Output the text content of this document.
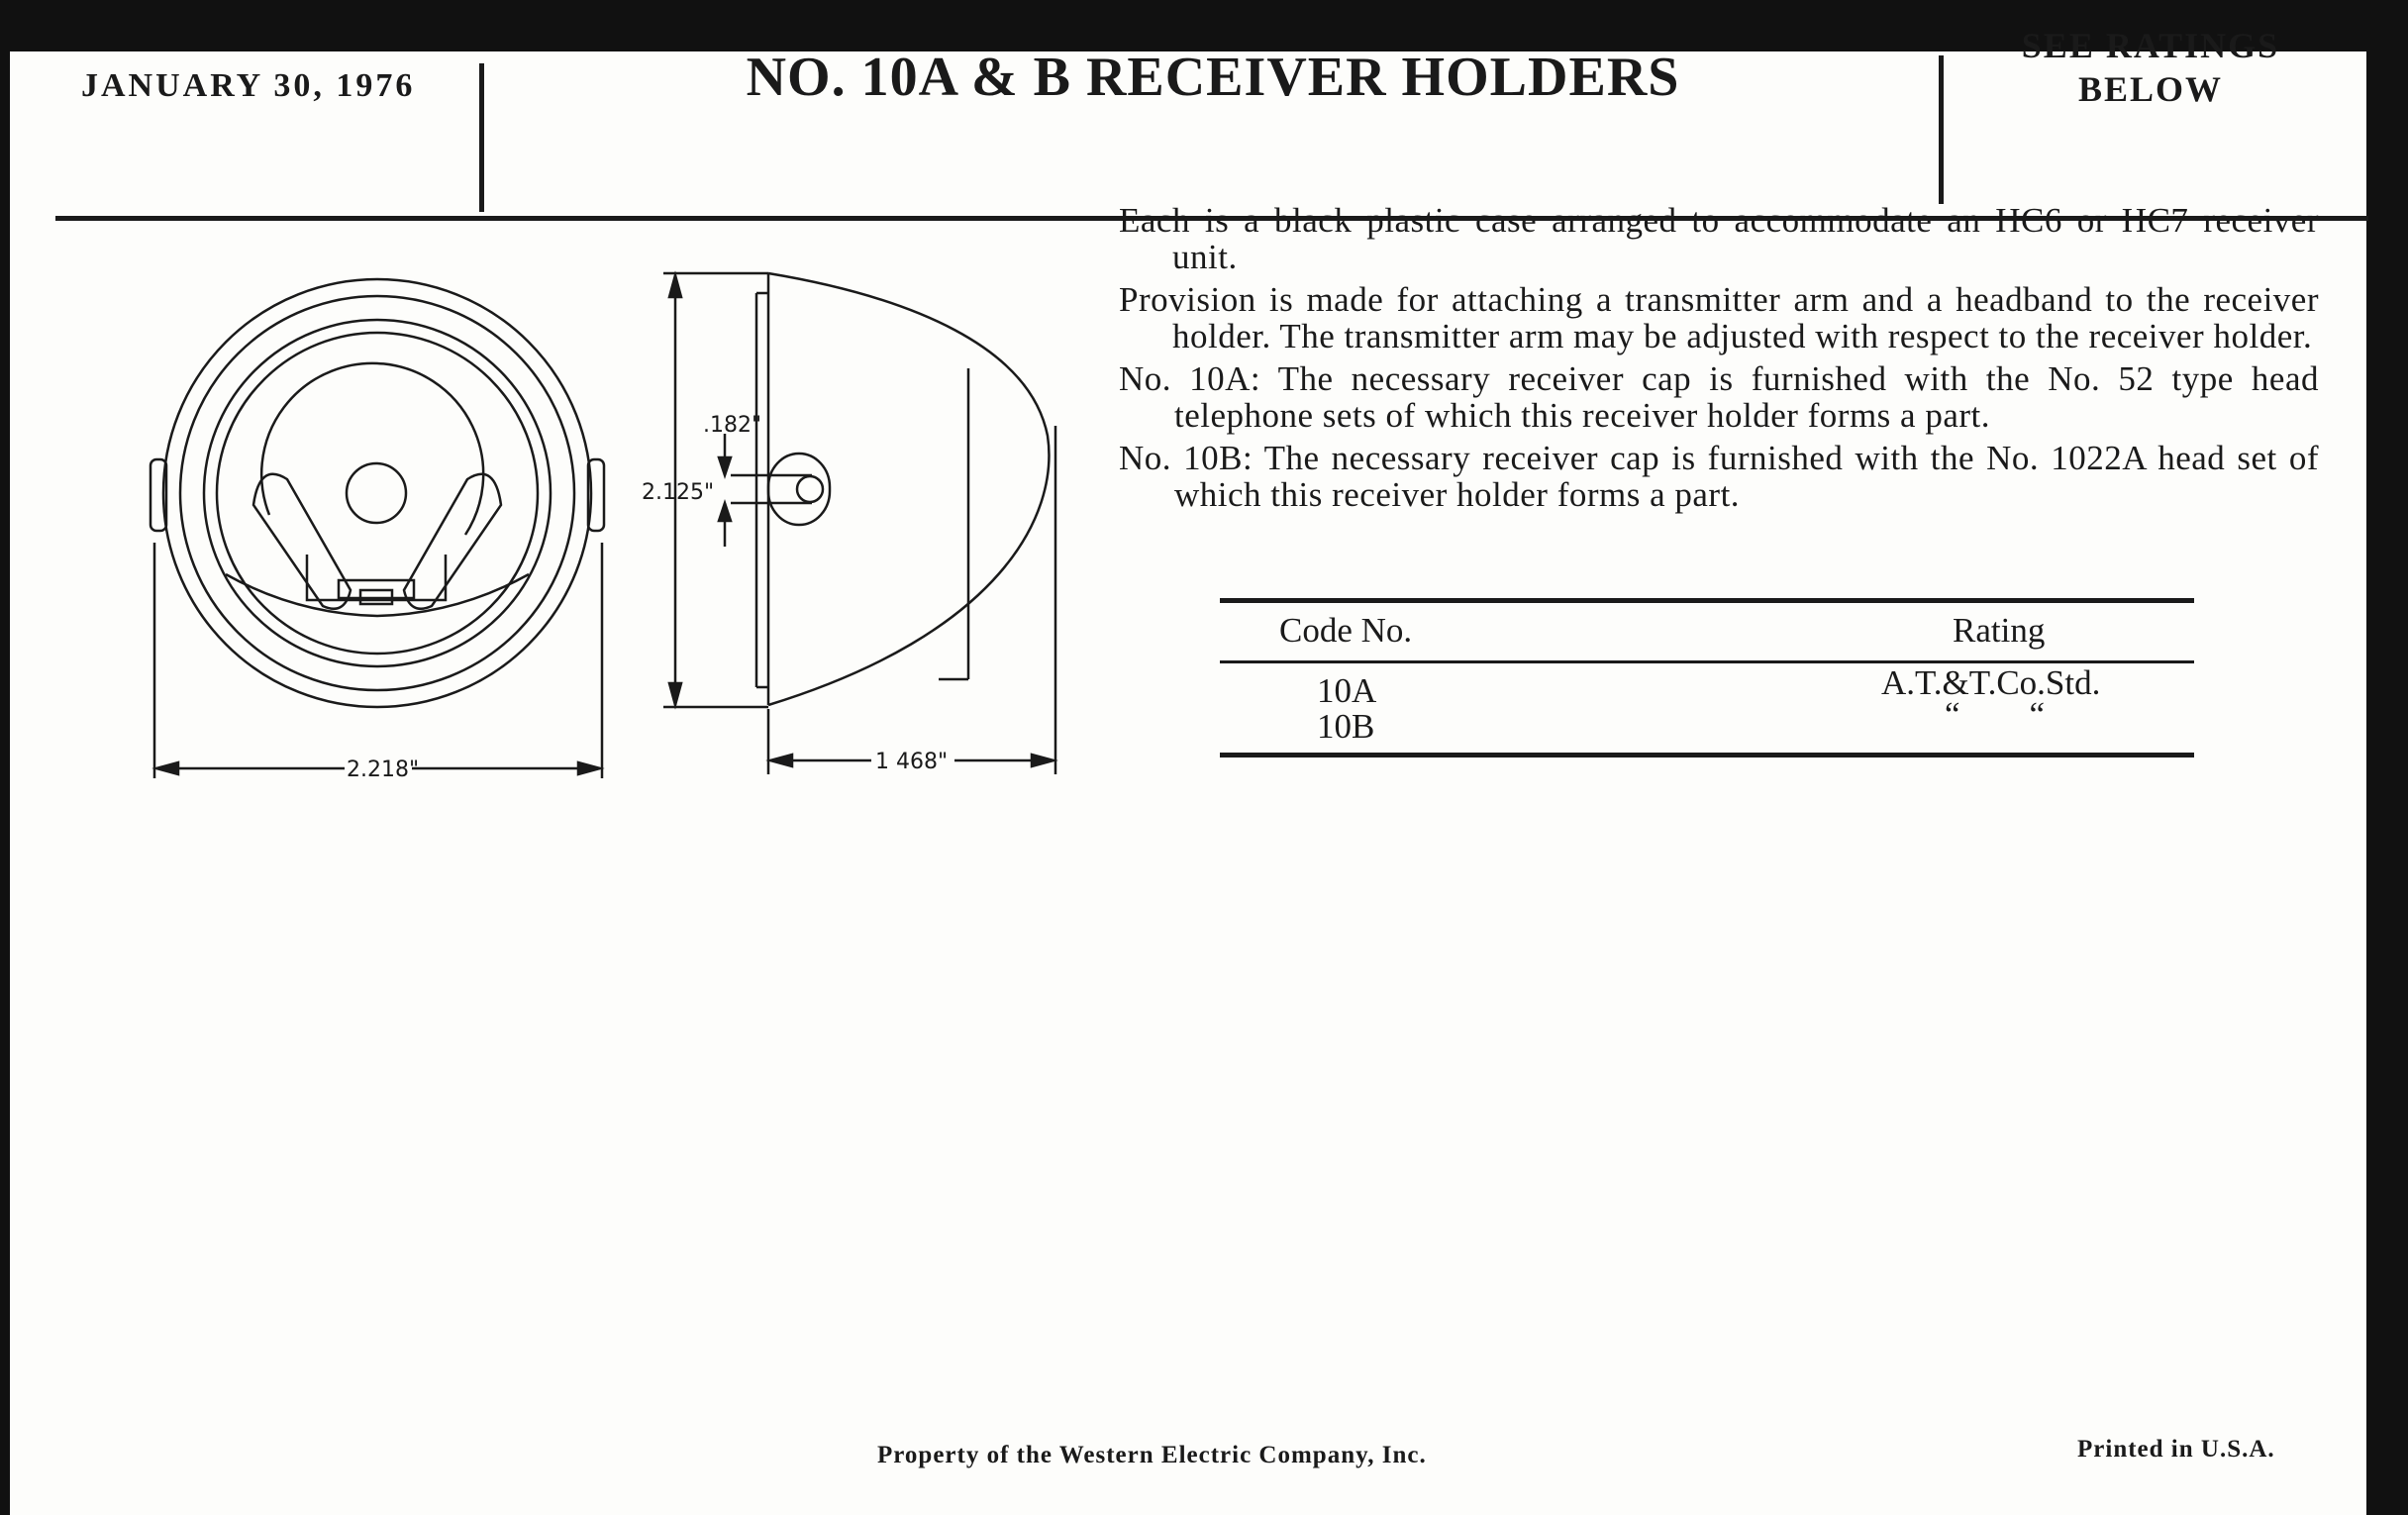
JANUARY 30, 1976	NO. 10A & B RECEIVER HOLDERS
SEE RATINGS
BELOW
2.218"
2.125"
.182"
1 468"

Each is a black plastic case arranged to accommodate an HC6 or HC7 receiver unit.

Provision is made for attaching a transmitter arm and a headband to the receiver holder. The transmitter arm may be adjusted with respect to the receiver holder.

No. 10A: The necessary receiver cap is furnished with the No. 52 type head telephone sets of which this receiver holder forms a part.

No. 10B: The necessary receiver cap is furnished with the No. 1022A head set of which this receiver holder forms a part.

Code No.	Rating
10A	A.T.&T.Co.Std.
10B	“        “
Property of the Western Electric Company, Inc.	Printed in U.S.A.
